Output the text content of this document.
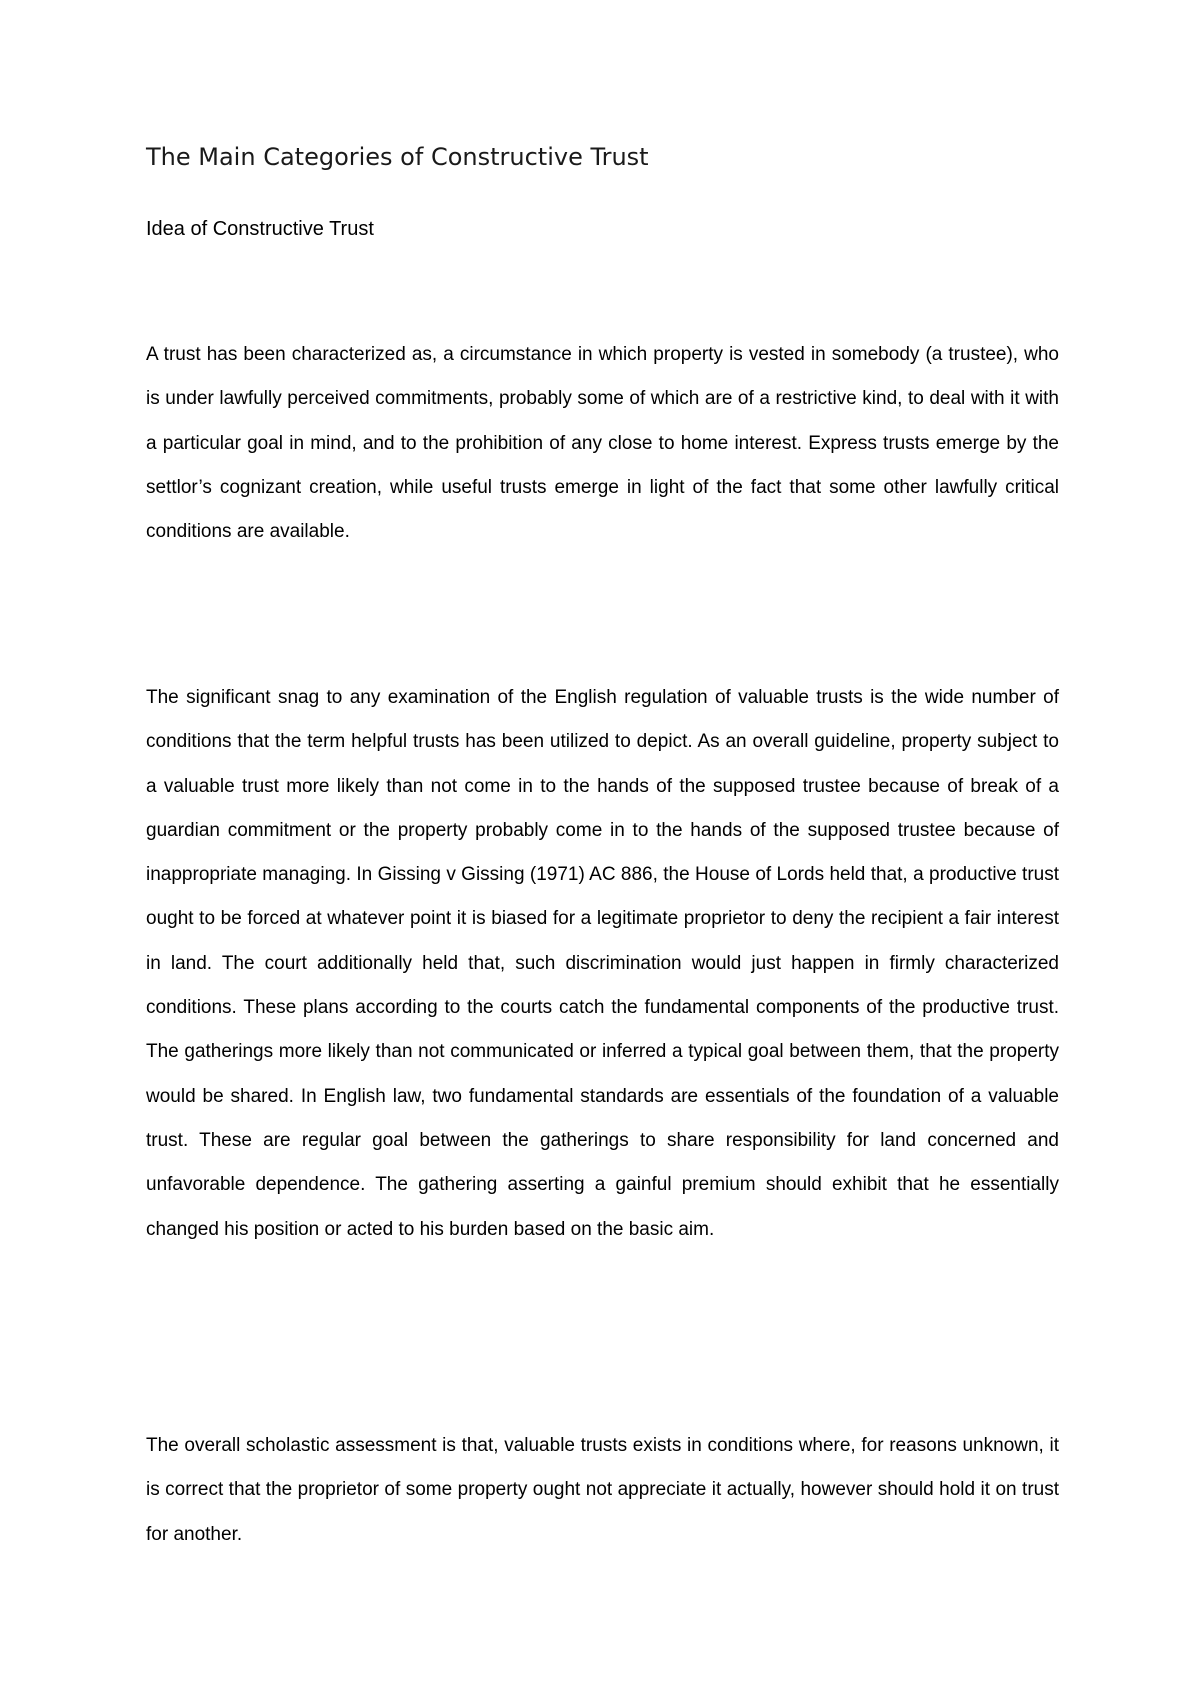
The Main Categories of Constructive Trust
Idea of Constructive Trust

A trust has been characterized as, a circumstance in which property is vested in somebody (a trustee), who is under lawfully perceived commitments, probably some of which are of a restrictive kind, to deal with it with a particular goal in mind, and to the prohibition of any close to home interest. Express trusts emerge by the settlor’s cognizant creation, while useful trusts emerge in light of the fact that some other lawfully critical conditions are available.

The significant snag to any examination of the English regulation of valuable trusts is the wide number of conditions that the term helpful trusts has been utilized to depict. As an overall guideline, property subject to a valuable trust more likely than not come in to the hands of the supposed trustee because of break of a guardian commitment or the property probably come in to the hands of the supposed trustee because of inappropriate managing. In Gissing v Gissing (1971) AC 886, the House of Lords held that, a productive trust ought to be forced at whatever point it is biased for a legitimate proprietor to deny the recipient a fair interest in land. The court additionally held that, such discrimination would just happen in firmly characterized conditions. These plans according to the courts catch the fundamental components of the productive trust. The gatherings more likely than not communicated or inferred a typical goal between them, that the property would be shared. In English law, two fundamental standards are essentials of the foundation of a valuable trust. These are regular goal between the gatherings to share responsibility for land concerned and unfavorable dependence. The gathering asserting a gainful premium should exhibit that he essentially changed his position or acted to his burden based on the basic aim.

The overall scholastic assessment is that, valuable trusts exists in conditions where, for reasons unknown, it is correct that the proprietor of some property ought not appreciate it actually, however should hold it on trust for another.
